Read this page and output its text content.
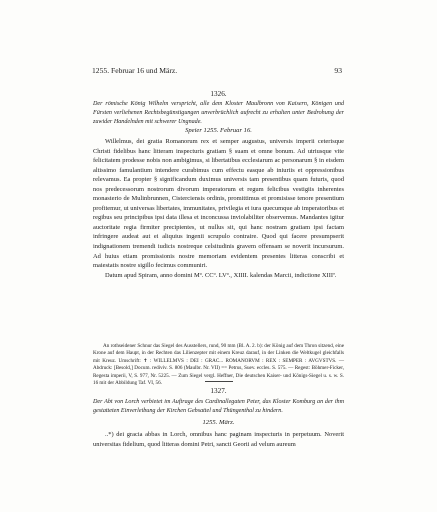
1255. Februar 16 und März.	93
1326.
Der römische König Wilhelm verspricht, alle dem Kloster Maulbronn von Kaisern, Königen und Fürsten verliehenen Rechtsbegünstigungen unverbrüchlich aufrecht zu erhalten unter Bedrohung der zuwider Handelnden mit schwerer Ungnade.
Speier 1255. Februar 16.

Willelmus, dei gratia Romanorum rex et semper augustus, universis imperii ceterisque Christi fidelibus hanc litteram inspecturis gratiam § suam et omne bonum. Ad utriusque vite felicitatem prodesse nobis non ambigimus, si libertatibus ecclesiarum ac personarum § in eisdem altissimo famulantium intendere curabimus cum effectu easque ab iniuriis et oppressionibus relevamus. Ea propter § significandum duximus universis tam presentibus quam futuris, quod nos predecessorum nostrorum divorum imperatorum et regum felicibus vestigiis inherentes monasterio de Mulinbrunnen, Cisterciensis ordinis, promittimus et promisisse tenore presentium profitemur, ut universas libertates, immunitates, privilegia et iura quecumque ab imperatoribus et regibus seu principibus ipsi data illesa et inconcussa inviolabiliter observemus. Mandantes igitur auctoritate regia firmiter precipientes, ut nullus sit, qui hanc nostram gratiam ipsi factam infringere audeat aut ei aliquius ingenii scrupulo contraire. Quod qui facere presumpserit indignationem tremendi iudicis nostreque celsitudinis gravem offensam se noverit incursurum. Ad huius etiam promissionis nostre memoriam evidentem presentes litteras conscribi et maiestatis nostre sigillo fecimus communiri.

Datum apud Spiram, anno domini Mº. CCº. LVº., XIIII. kalendas Marcii, indictione XIIIª.

An rothseidener Schnur das Siegel des Ausstellers, rund, 90 mm (Bl. A. 2. b): der König auf dem Thron sitzend, eine Krone auf dem Haupt, in der Rechten das Lilienzepter mit einem Kreuz darauf, in der Linken die Weltkugel gleichfalls mit Kreuz. Umschrift: ✝ : WILLELMVS : DEI : GRAC... ROMANORVM : REX : SEMPER : AVGVSTVS. — Abdruck: [Besold,] Docum. rediviv. S. 806 (Maulbr. Nr. VII) == Petrus, Suev. eccles. S. 575. — Regest: Böhmer-Ficker, Regesta imperii, V, S. 977, Nr. 5225. — Zum Siegel vergl. Heffner, Die deutschen Kaiser- und Königs-Siegel u. s. w. S. 16 mit der Abbildung Taf. VI, 56.

1327.
Der Abt von Lorch verbietet im Auftrage des Cardinallegaten Peter, das Kloster Komburg an der ihm gestatteten Einverleibung der Kirchen Gebsattel und Thüngenthal zu hindern.
1255. März.

..*) dei gracia abbas in Lorch, omnibus hanc paginam inspecturis in perpetuum. Noverit universitas fidelium, quod litteras domini Petri, sancti Georii ad velum aureum
